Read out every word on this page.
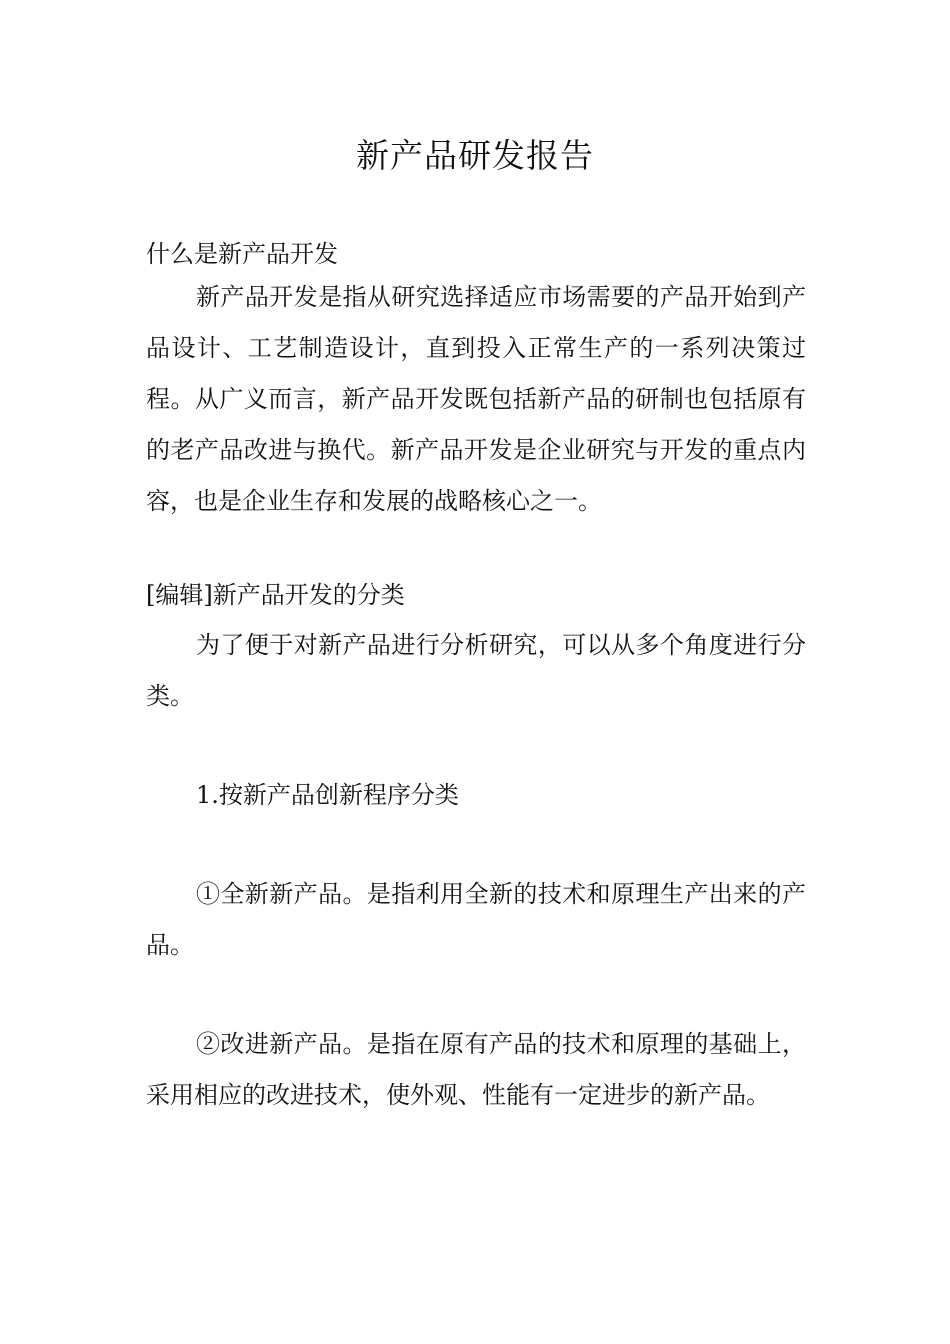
新产品研发报告

什么是新产品开发

新产品开发是指从研究选择适应市场需要的产品开始到产品设计、工艺制造设计，直到投入正常生产的一系列决策过程。从广义而言，新产品开发既包括新产品的研制也包括原有的老产品改进与换代。新产品开发是企业研究与开发的重点内容，也是企业生存和发展的战略核心之一。

[编辑]新产品开发的分类

为了便于对新产品进行分析研究，可以从多个角度进行分类。

1.按新产品创新程序分类

①全新新产品。是指利用全新的技术和原理生产出来的产品。

②改进新产品。是指在原有产品的技术和原理的基础上，采用相应的改进技术，使外观、性能有一定进步的新产品。
